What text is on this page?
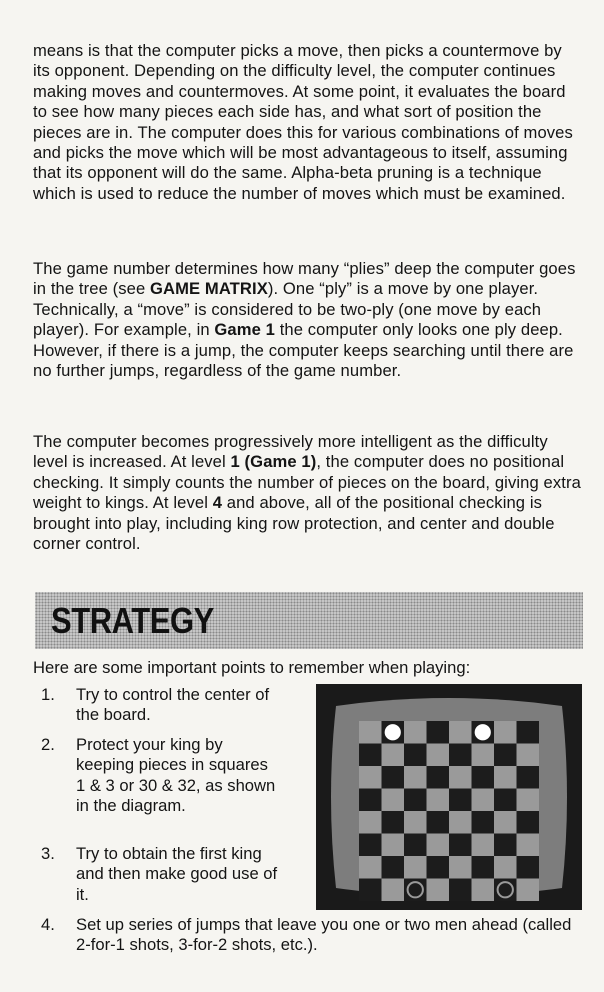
means is that the computer picks a move, then picks a countermove by its opponent. Depending on the difficulty level, the computer continues making moves and countermoves. At some point, it evaluates the board to see how many pieces each side has, and what sort of position the pieces are in. The computer does this for various combinations of moves and picks the move which will be most advantageous to itself, assuming that its opponent will do the same. Alpha-beta pruning is a technique which is used to reduce the number of moves which must be examined.

The game number determines how many “plies” deep the computer goes in the tree (see GAME MATRIX). One “ply” is a move by one player. Technically, a “move” is considered to be two-ply (one move by each player). For example, in Game 1 the computer only looks one ply deep. However, if there is a jump, the computer keeps searching until there are no further jumps, regardless of the game number.

The computer becomes progressively more intelligent as the difficulty level is increased. At level 1 (Game 1), the computer does no positional checking. It simply counts the number of pieces on the board, giving extra weight to kings. At level 4 and above, all of the positional checking is brought into play, including king row protection, and center and double corner control.

STRATEGY
Here are some important points to remember when playing:
1.	Try to control the center of the board.
2.	Protect your king by keeping pieces in squares 1 & 3 or 30 & 32, as shown in the diagram.
3.	Try to obtain the first king and then make good use of it.
4.	Set up series of jumps that leave you one or two men ahead (called 2-for-1 shots, 3-for-2 shots, etc.).
